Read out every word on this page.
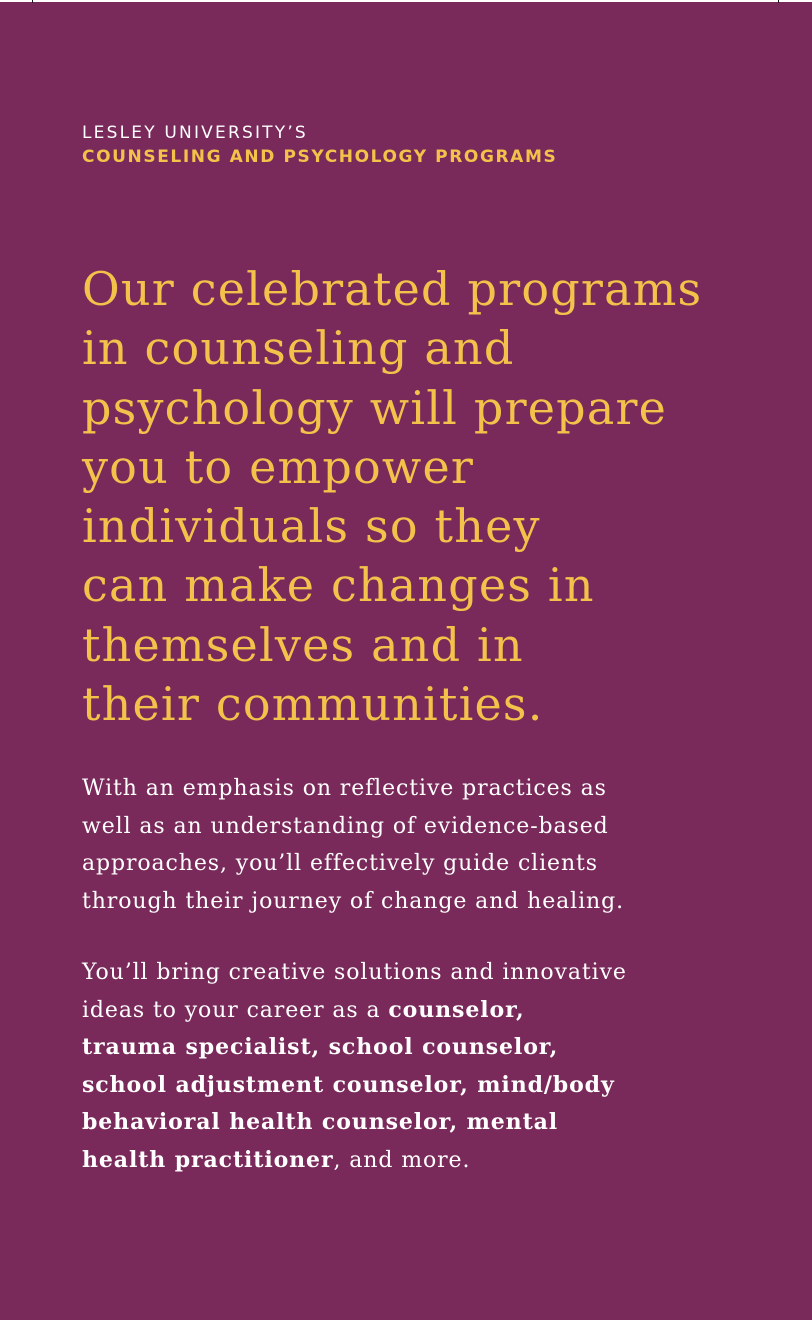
LESLEY UNIVERSITY’S
COUNSELING AND PSYCHOLOGY PROGRAMS
Our celebrated programs
in counseling and
psychology will prepare
you to empower
individuals so they
can make changes in
themselves and in
their communities.
With an emphasis on reflective practices as
well as an understanding of evidence-based
approaches, you’ll effectively guide clients
through their journey of change and healing.
You’ll bring creative solutions and innovative
ideas to your career as a counselor,
trauma specialist, school counselor,
school adjustment counselor, mind/body
behavioral health counselor, mental
health practitioner, and more.
